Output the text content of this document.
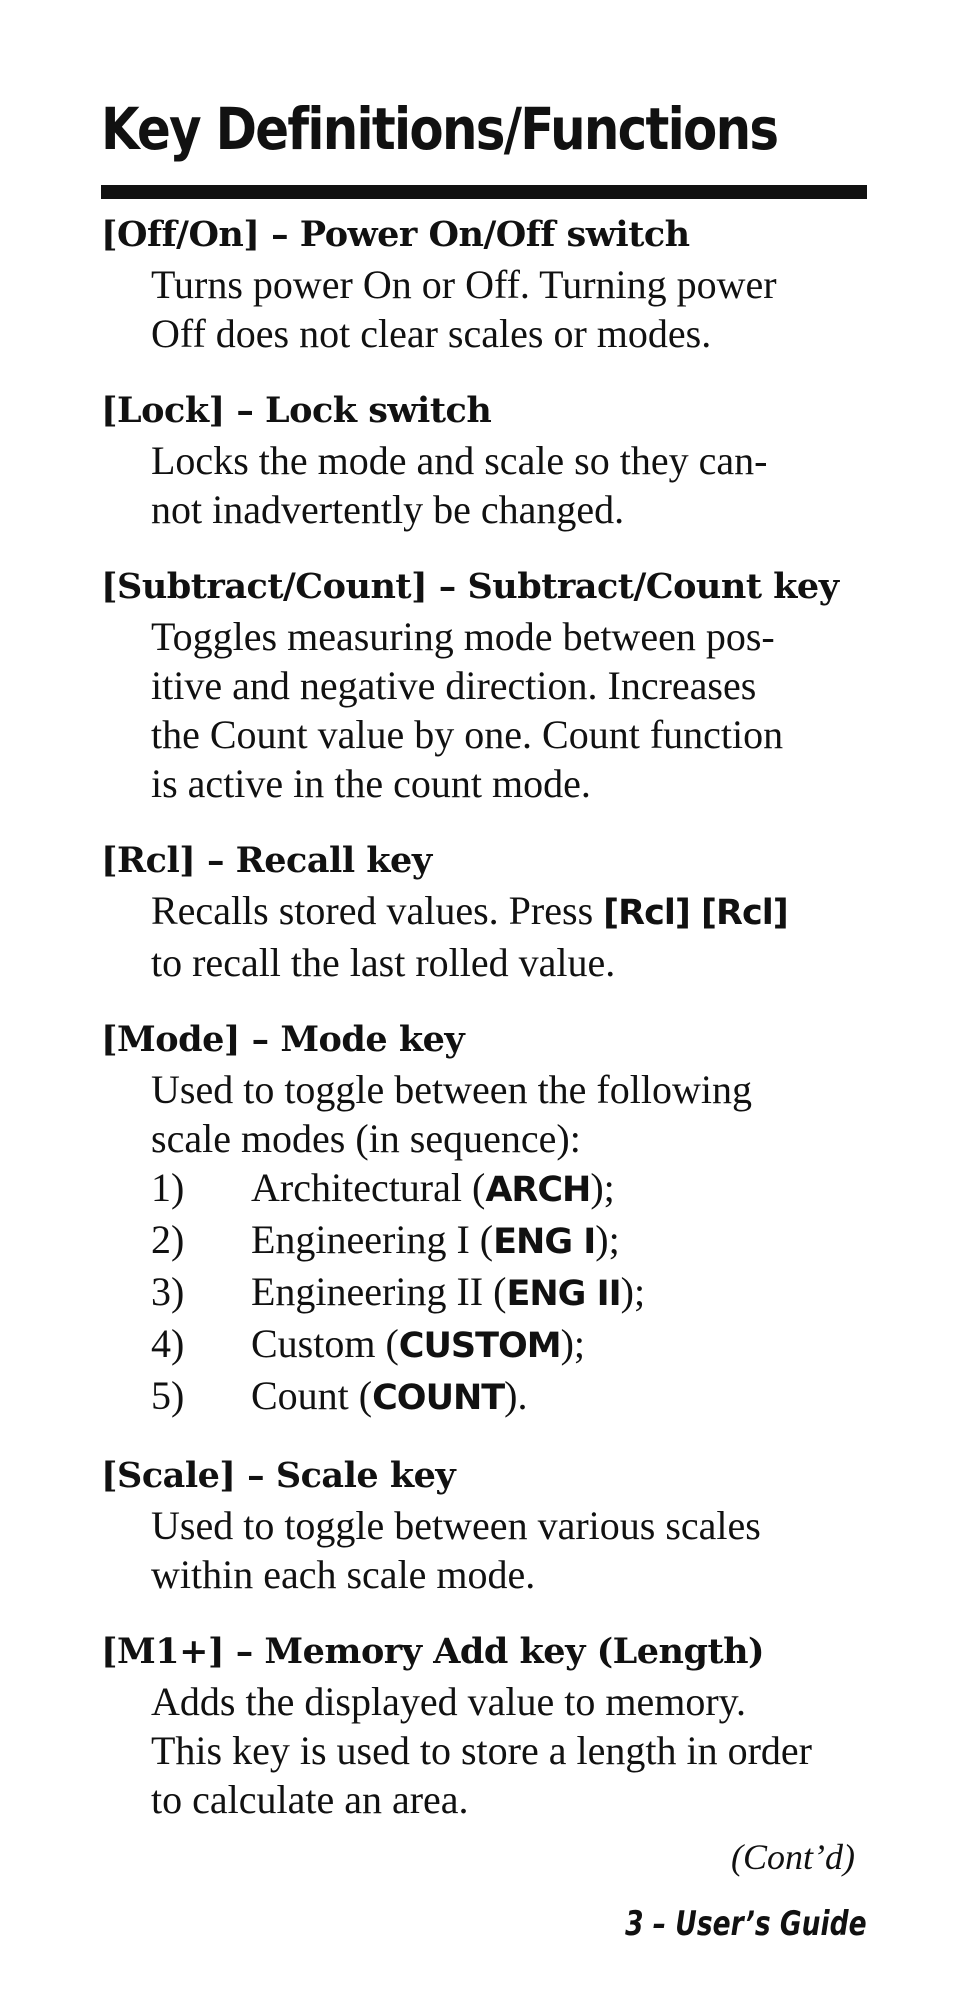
Key Definitions/Functions
[Off/On] – Power On/Off switch
Turns power On or Off. Turning power
Off does not clear scales or modes.
[Lock] – Lock switch
Locks the mode and scale so they can-
not inadvertently be changed.
[Subtract/Count] – Subtract/Count key
Toggles measuring mode between pos-
itive and negative direction. Increases
the Count value by one. Count function
is active in the count mode.
[Rcl] – Recall key
Recalls stored values. Press [Rcl] [Rcl]
to recall the last rolled value.
[Mode] – Mode key
Used to toggle between the following
scale modes (in sequence):
1) Architectural (ARCH);
2) Engineering I (ENG I);
3) Engineering II (ENG II);
4) Custom (CUSTOM);
5) Count (COUNT).
[Scale] – Scale key
Used to toggle between various scales
within each scale mode.
[M1+] – Memory Add key (Length)
Adds the displayed value to memory.
This key is used to store a length in order
to calculate an area.
(Cont’d)
3 – User’s Guide
